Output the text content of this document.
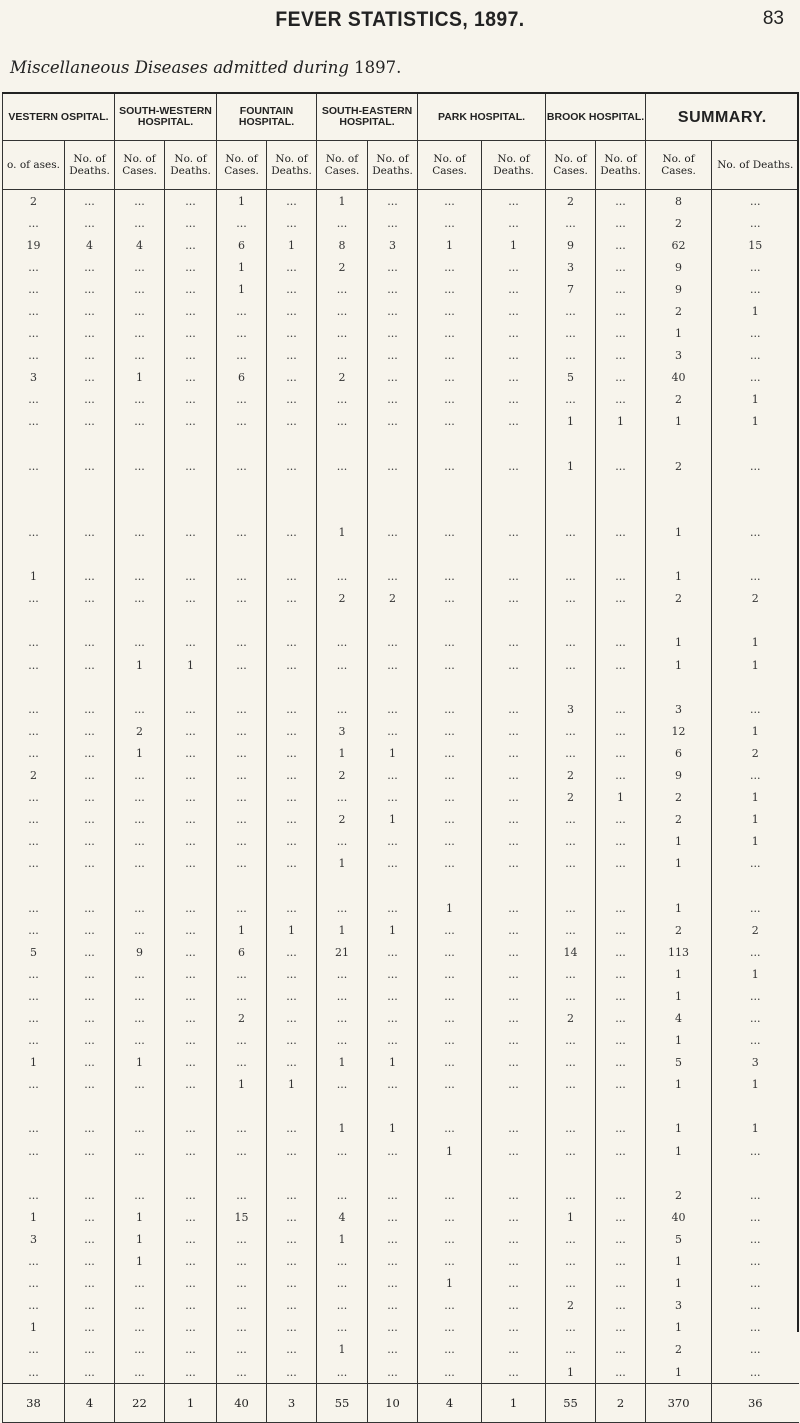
FEVER STATISTICS, 1897.	83
Miscellaneous Diseases admitted during 1897.
VESTERN OSPITAL.		SOUTH-WESTERN HOSPITAL.		FOUNTAIN HOSPITAL.		SOUTH-EASTERN HOSPITAL.		PARK HOSPITAL.		BROOK HOSPITAL.		SUMMARY.	
o. of ases.	No. of Deaths.	No. of Cases.	No. of Deaths.	No. of Cases.	No. of Deaths.	No. of Cases.	No. of Deaths.	No. of Cases.	No. of Deaths.	No. of Cases.	No. of Deaths.	No. of Cases.	No. of Deaths.
2	...	...	...	1	...	1	...	...	...	2	...	8	...
...	...	...	...	...	...	...	...	...	...	...	...	2	...
19	4	4	...	6	1	8	3	1	1	9	...	62	15
...	...	...	...	1	...	2	...	...	...	3	...	9	...
...	...	...	...	1	...	...	...	...	...	7	...	9	...
...	...	...	...	...	...	...	...	...	...	...	...	2	1
...	...	...	...	...	...	...	...	...	...	...	...	1	...
...	...	...	...	...	...	...	...	...	...	...	...	3	...
3	...	1	...	6	...	2	...	...	...	5	...	40	...
...	...	...	...	...	...	...	...	...	...	...	...	2	1
...	...	...	...	...	...	...	...	...	...	1	1	1	1

...	...	...	...	...	...	...	...	...	...	1	...	2	...

...	...	...	...	...	...	1	...	...	...	...	...	1	...

1	...	...	...	...	...	...	...	...	...	...	...	1	...
...	...	...	...	...	...	2	2	...	...	...	...	2	2

...	...	...	...	...	...	...	...	...	...	...	...	1	1
...	...	1	1	...	...	...	...	...	...	...	...	1	1

...	...	...	...	...	...	...	...	...	...	3	...	3	...
...	...	2	...	...	...	3	...	...	...	...	...	12	1
...	...	1	...	...	...	1	1	...	...	...	...	6	2
2	...	...	...	...	...	2	...	...	...	2	...	9	...
...	...	...	...	...	...	...	...	...	...	2	1	2	1
...	...	...	...	...	...	2	1	...	...	...	...	2	1
...	...	...	...	...	...	...	...	...	...	...	...	1	1
...	...	...	...	...	...	1	...	...	...	...	...	1	...

...	...	...	...	...	...	...	...	1	...	...	...	1	...
...	...	...	...	1	1	1	1	...	...	...	...	2	2
5	...	9	...	6	...	21	...	...	...	14	...	113	...
...	...	...	...	...	...	...	...	...	...	...	...	1	1
...	...	...	...	...	...	...	...	...	...	...	...	1	...
...	...	...	...	2	...	...	...	...	...	2	...	4	...
...	...	...	...	...	...	...	...	...	...	...	...	1	...
1	...	1	...	...	...	1	1	...	...	...	...	5	3
...	...	...	...	1	1	...	...	...	...	...	...	1	1

...	...	...	...	...	...	1	1	...	...	...	...	1	1
...	...	...	...	...	...	...	...	1	...	...	...	1	...

...	...	...	...	...	...	...	...	...	...	...	...	2	...
1	...	1	...	15	...	4	...	...	...	1	...	40	...
3	...	1	...	...	...	1	...	...	...	...	...	5	...
...	...	1	...	...	...	...	...	...	...	...	...	1	...
...	...	...	...	...	...	...	...	1	...	...	...	1	...
...	...	...	...	...	...	...	...	...	...	2	...	3	...
1	...	...	...	...	...	...	...	...	...	...	...	1	...
...	...	...	...	...	...	1	...	...	...	...	...	2	...
...	...	...	...	...	...	...	...	...	...	1	...	1	...
38	4	22	1	40	3	55	10	4	1	55	2	370	36
